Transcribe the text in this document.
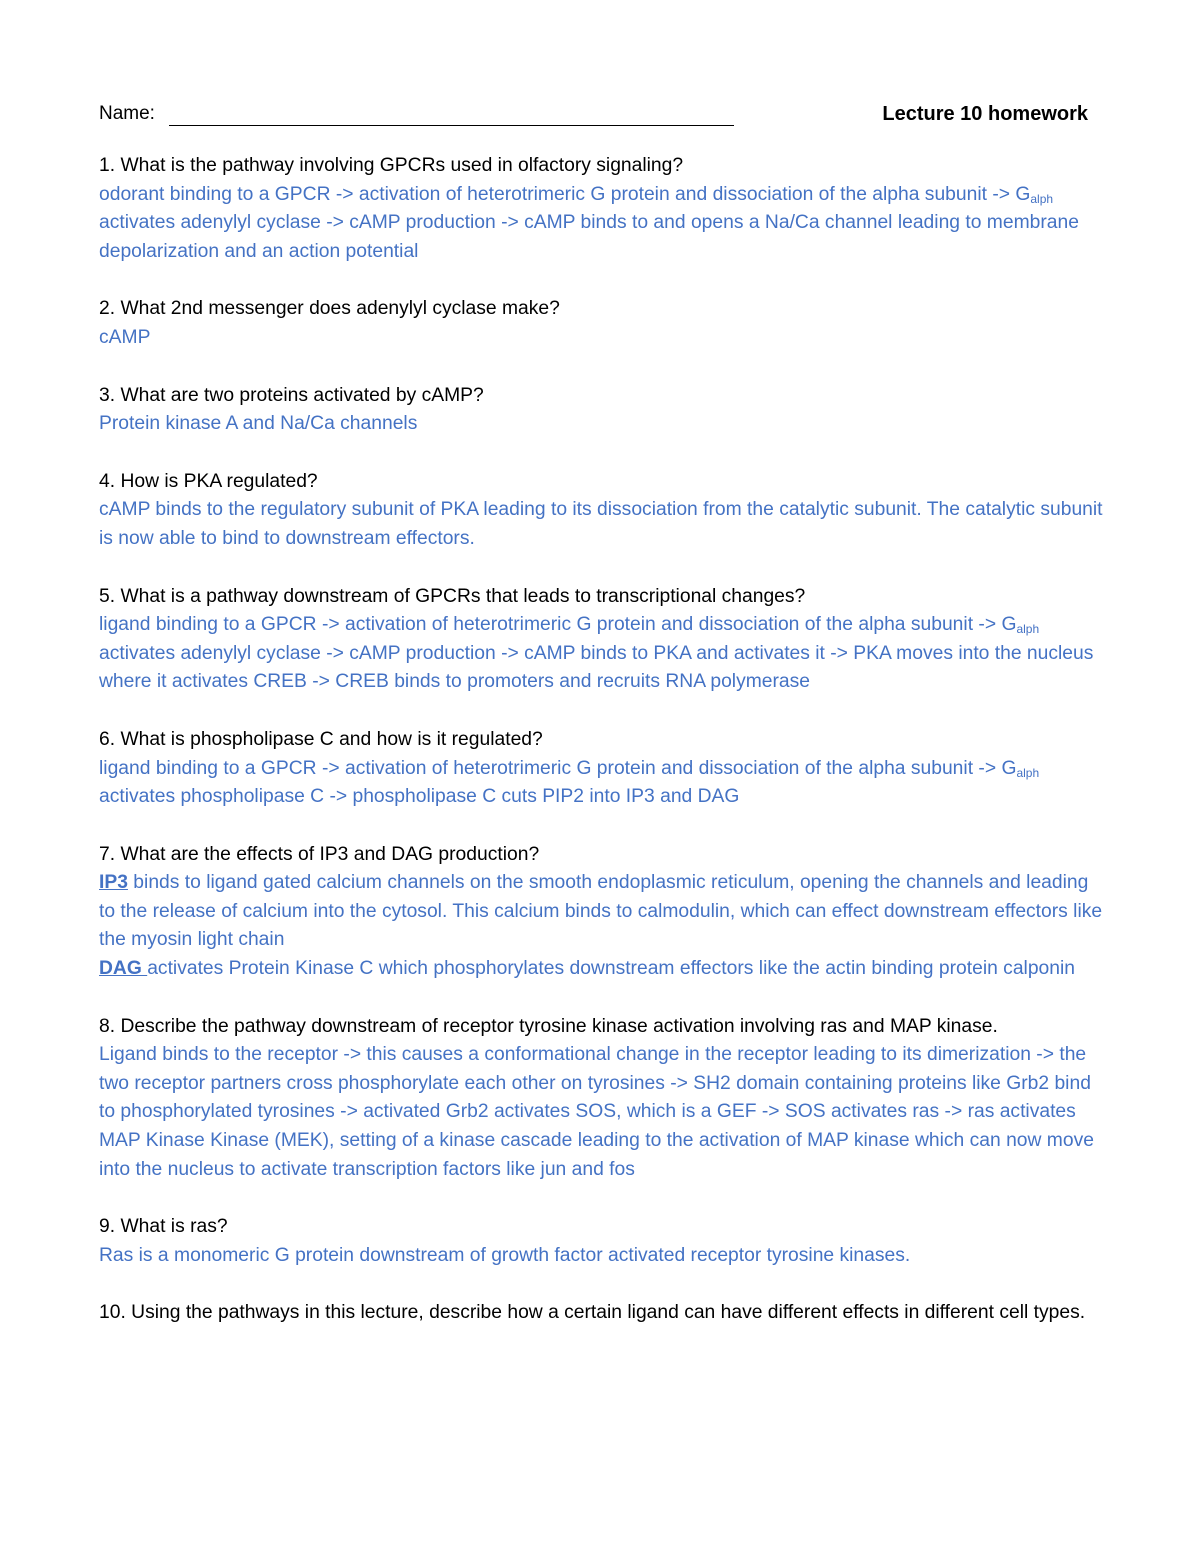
Name:	Lecture 10 homework

1. What is the pathway involving GPCRs used in olfactory signaling?

odorant binding to a GPCR -> activation of heterotrimeric G protein and dissociation of the alpha subunit -> $G_{alph}$ activates adenylyl cyclase -> cAMP production -> cAMP binds to and opens a Na/Ca channel leading to membrane depolarization and an action potential

2. What 2nd messenger does adenylyl cyclase make?

cAMP

3. What are two proteins activated by cAMP?

Protein kinase A and Na/Ca channels

4. How is PKA regulated?

cAMP binds to the regulatory subunit of PKA leading to its dissociation from the catalytic subunit. The catalytic subunit is now able to bind to downstream effectors.

5. What is a pathway downstream of GPCRs that leads to transcriptional changes?

ligand binding to a GPCR -> activation of heterotrimeric G protein and dissociation of the alpha subunit -> $G_{alph}$ activates adenylyl cyclase -> cAMP production -> cAMP binds to PKA and activates it -> PKA moves into the nucleus where it activates CREB -> CREB binds to promoters and recruits RNA polymerase

6. What is phospholipase C and how is it regulated?

ligand binding to a GPCR -> activation of heterotrimeric G protein and dissociation of the alpha subunit -> $G_{alph}$ activates phospholipase C -> phospholipase C cuts PIP2 into IP3 and DAG

7. What are the effects of IP3 and DAG production?

IP3 binds to ligand gated calcium channels on the smooth endoplasmic reticulum, opening the channels and leading to the release of calcium into the cytosol. This calcium binds to calmodulin, which can effect downstream effectors like the myosin light chain
DAG activates Protein Kinase C which phosphorylates downstream effectors like the actin binding protein calponin

8. Describe the pathway downstream of receptor tyrosine kinase activation involving ras and MAP kinase.

Ligand binds to the receptor -> this causes a conformational change in the receptor leading to its dimerization -> the two receptor partners cross phosphorylate each other on tyrosines -> SH2 domain containing proteins like Grb2 bind to phosphorylated tyrosines -> activated Grb2 activates SOS, which is a GEF -> SOS activates ras -> ras activates MAP Kinase Kinase (MEK), setting of a kinase cascade leading to the activation of MAP kinase which can now move into the nucleus to activate transcription factors like jun and fos

9. What is ras?

Ras is a monomeric G protein downstream of growth factor activated receptor tyrosine kinases.

10. Using the pathways in this lecture, describe how a certain ligand can have different effects in different cell types.
